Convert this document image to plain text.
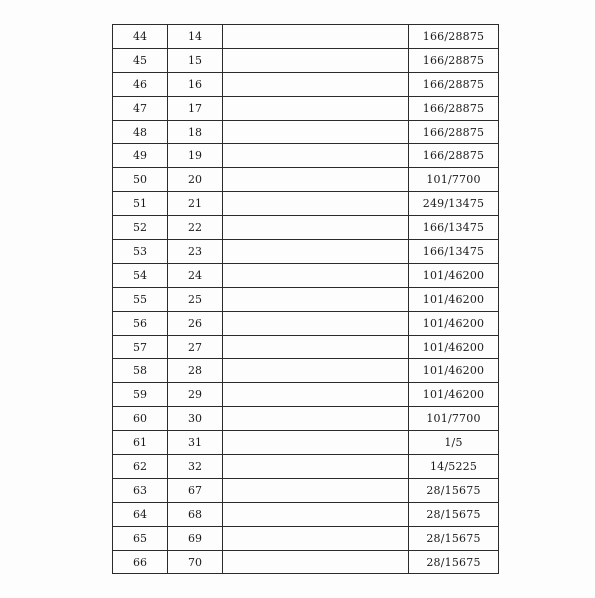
44	14		166/28875
45	15		166/28875
46	16		166/28875
47	17		166/28875
48	18		166/28875
49	19		166/28875
50	20		101/7700
51	21		249/13475
52	22		166/13475
53	23		166/13475
54	24		101/46200
55	25		101/46200
56	26		101/46200
57	27		101/46200
58	28		101/46200
59	29		101/46200
60	30		101/7700
61	31		1/5
62	32		14/5225
63	67		28/15675
64	68		28/15675
65	69		28/15675
66	70		28/15675
